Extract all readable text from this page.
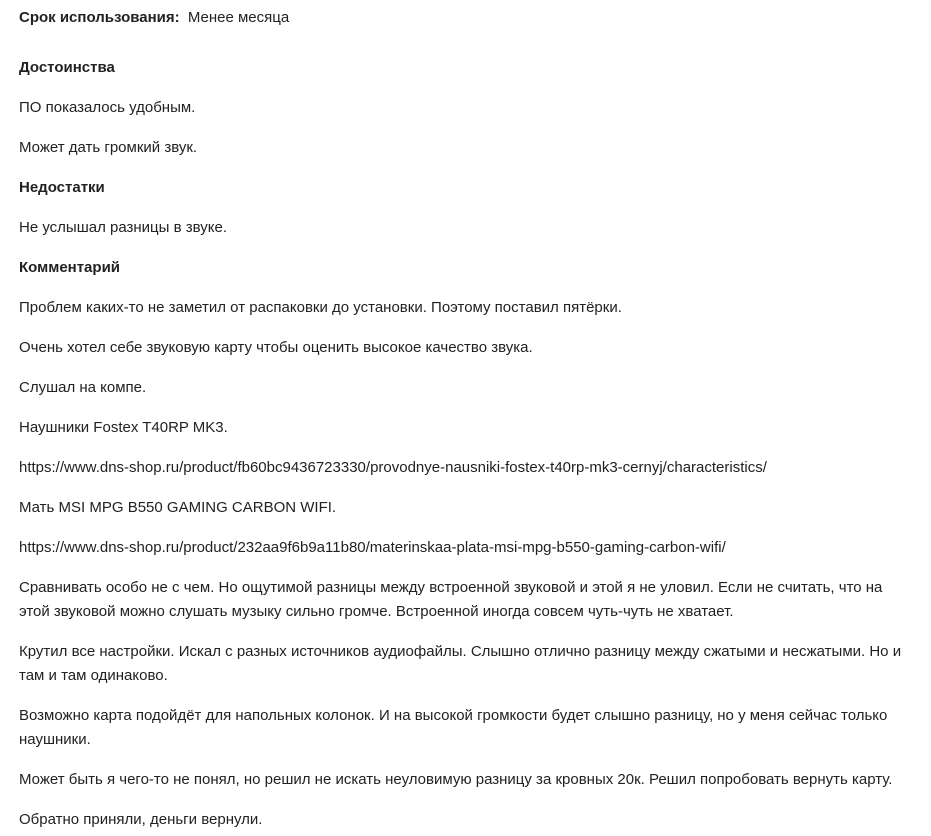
Срок использования: Менее месяца
Достоинства
ПО показалось удобным.
Может дать громкий звук.
Недостатки
Не услышал разницы в звуке.
Комментарий
Проблем каких-то не заметил от распаковки до установки. Поэтому поставил пятёрки.
Очень хотел себе звуковую карту чтобы оценить высокое качество звука.
Слушал на компе.
Наушники Fostex T40RP MK3.
https://www.dns-shop.ru/product/fb60bc9436723330/provodnye-nausniki-fostex-t40rp-mk3-cernyj/characteristics/
Мать MSI MPG B550 GAMING CARBON WIFI.
https://www.dns-shop.ru/product/232aa9f6b9a11b80/materinskaa-plata-msi-mpg-b550-gaming-carbon-wifi/
Сравнивать особо не с чем. Но ощутимой разницы между встроенной звуковой и этой я не уловил. Если не считать, что на этой звуковой можно слушать музыку сильно громче. Встроенной иногда совсем чуть-чуть не хватает.
Крутил все настройки. Искал с разных источников аудиофайлы. Слышно отлично разницу между сжатыми и несжатыми. Но и там и там одинаково.
Возможно карта подойдёт для напольных колонок. И на высокой громкости будет слышно разницу, но у меня сейчас только наушники.
Может быть я чего-то не понял, но решил не искать неуловимую разницу за кровных 20к. Решил попробовать вернуть карту.
Обратно приняли, деньги вернули.
